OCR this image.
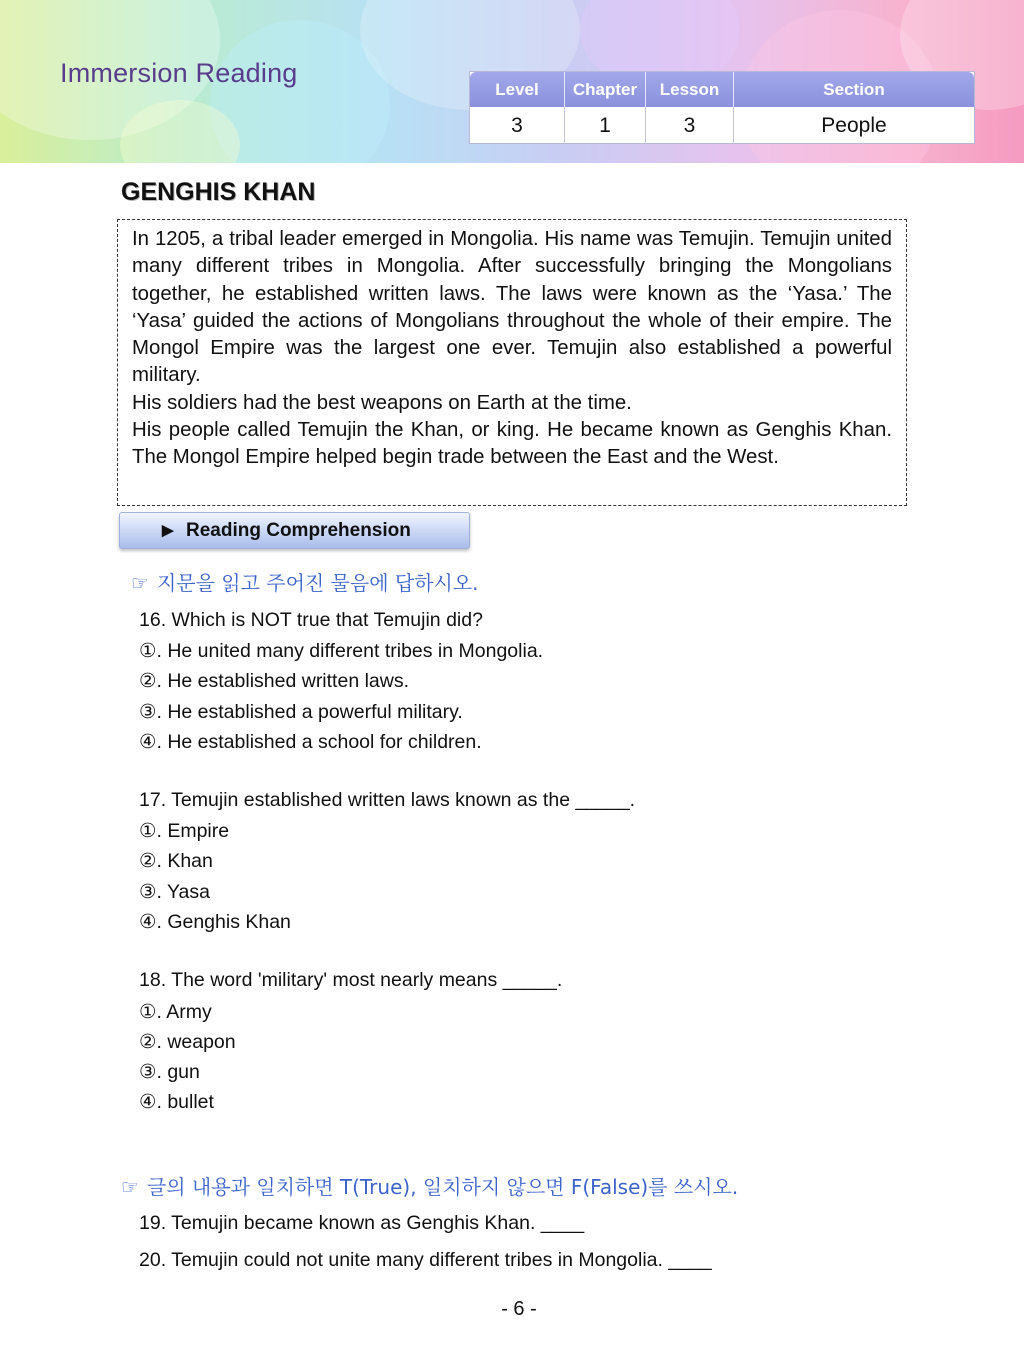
Immersion Reading
Level	Chapter	Lesson	Section
3	1	3	People
GENGHIS KHAN

In 1205, a tribal leader emerged in Mongolia. His name was Temujin. Temujin united many different tribes in Mongolia. After successfully bringing the Mongolians together, he established written laws. The laws were known as the ‘Yasa.’ The ‘Yasa’ guided the actions of Mongolians throughout the whole of their empire. The Mongol Empire was the largest one ever. Temujin also established a powerful military.

His soldiers had the best weapons on Earth at the time.

His people called Temujin the Khan, or king. He became known as Genghis Khan. The Mongol Empire helped begin trade between the East and the West.

▶ Reading Comprehension

☞ 지문을 읽고 주어진 물음에 답하시오.

16. Which is NOT true that Temujin did?

①. He united many different tribes in Mongolia.

②. He established written laws.

③. He established a powerful military.

④. He established a school for children.

17. Temujin established written laws known as the _____.

①. Empire

②. Khan

③. Yasa

④. Genghis Khan

18. The word 'military' most nearly means _____.

①. Army

②. weapon

③. gun

④. bullet

☞ 글의 내용과 일치하면 T(True), 일치하지 않으면 F(False)를 쓰시오.

19. Temujin became known as Genghis Khan. ____

20. Temujin could not unite many different tribes in Mongolia. ____

- 6 -
